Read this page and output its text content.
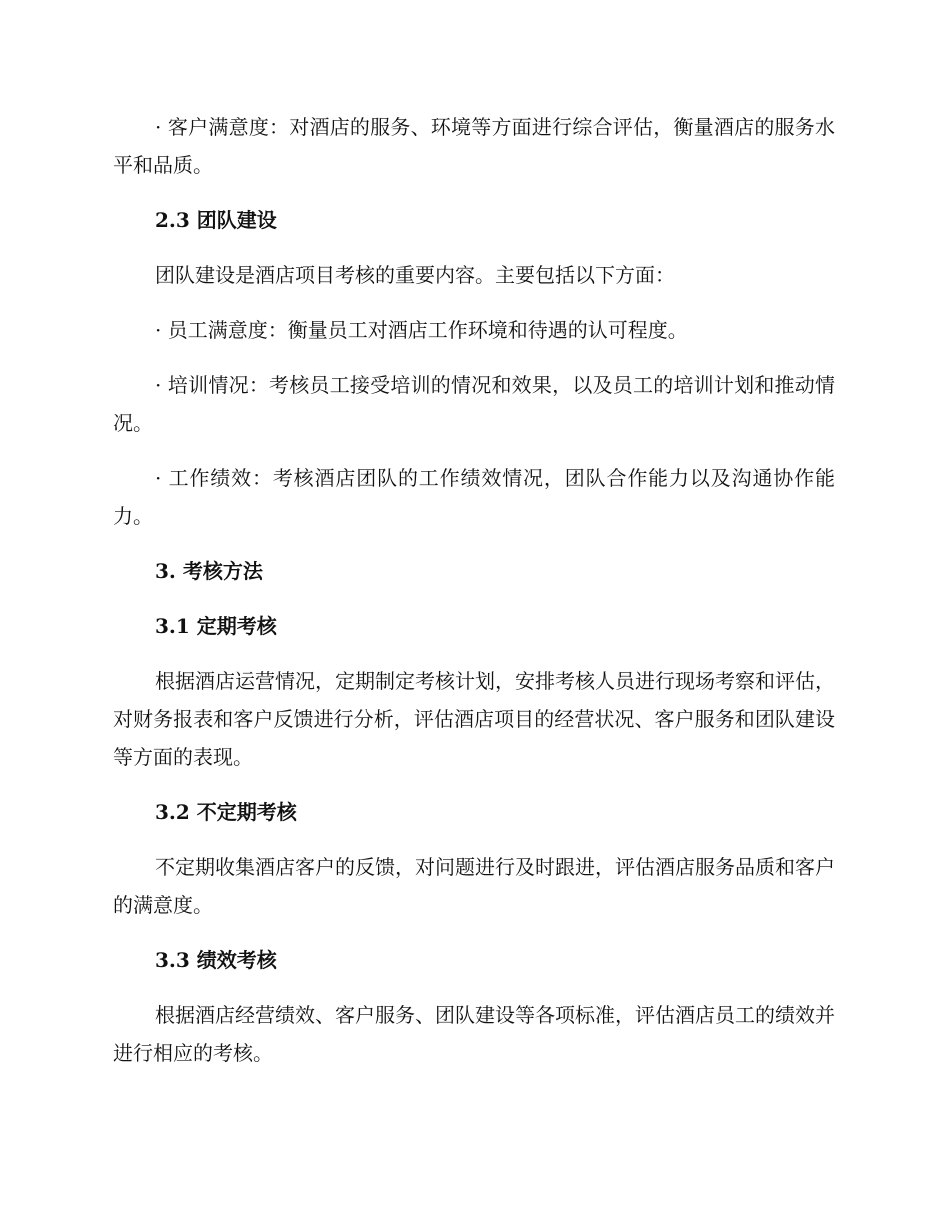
· 客户满意度：对酒店的服务、环境等方面进行综合评估，衡量酒店的服务水平和品质。

2.3 团队建设

团队建设是酒店项目考核的重要内容。主要包括以下方面：

· 员工满意度：衡量员工对酒店工作环境和待遇的认可程度。

· 培训情况：考核员工接受培训的情况和效果，以及员工的培训计划和推动情况。

· 工作绩效：考核酒店团队的工作绩效情况，团队合作能力以及沟通协作能力。

3. 考核方法

3.1 定期考核

根据酒店运营情况，定期制定考核计划，安排考核人员进行现场考察和评估，对财务报表和客户反馈进行分析，评估酒店项目的经营状况、客户服务和团队建设等方面的表现。

3.2 不定期考核

不定期收集酒店客户的反馈，对问题进行及时跟进，评估酒店服务品质和客户的满意度。

3.3 绩效考核

根据酒店经营绩效、客户服务、团队建设等各项标准，评估酒店员工的绩效并进行相应的考核。
